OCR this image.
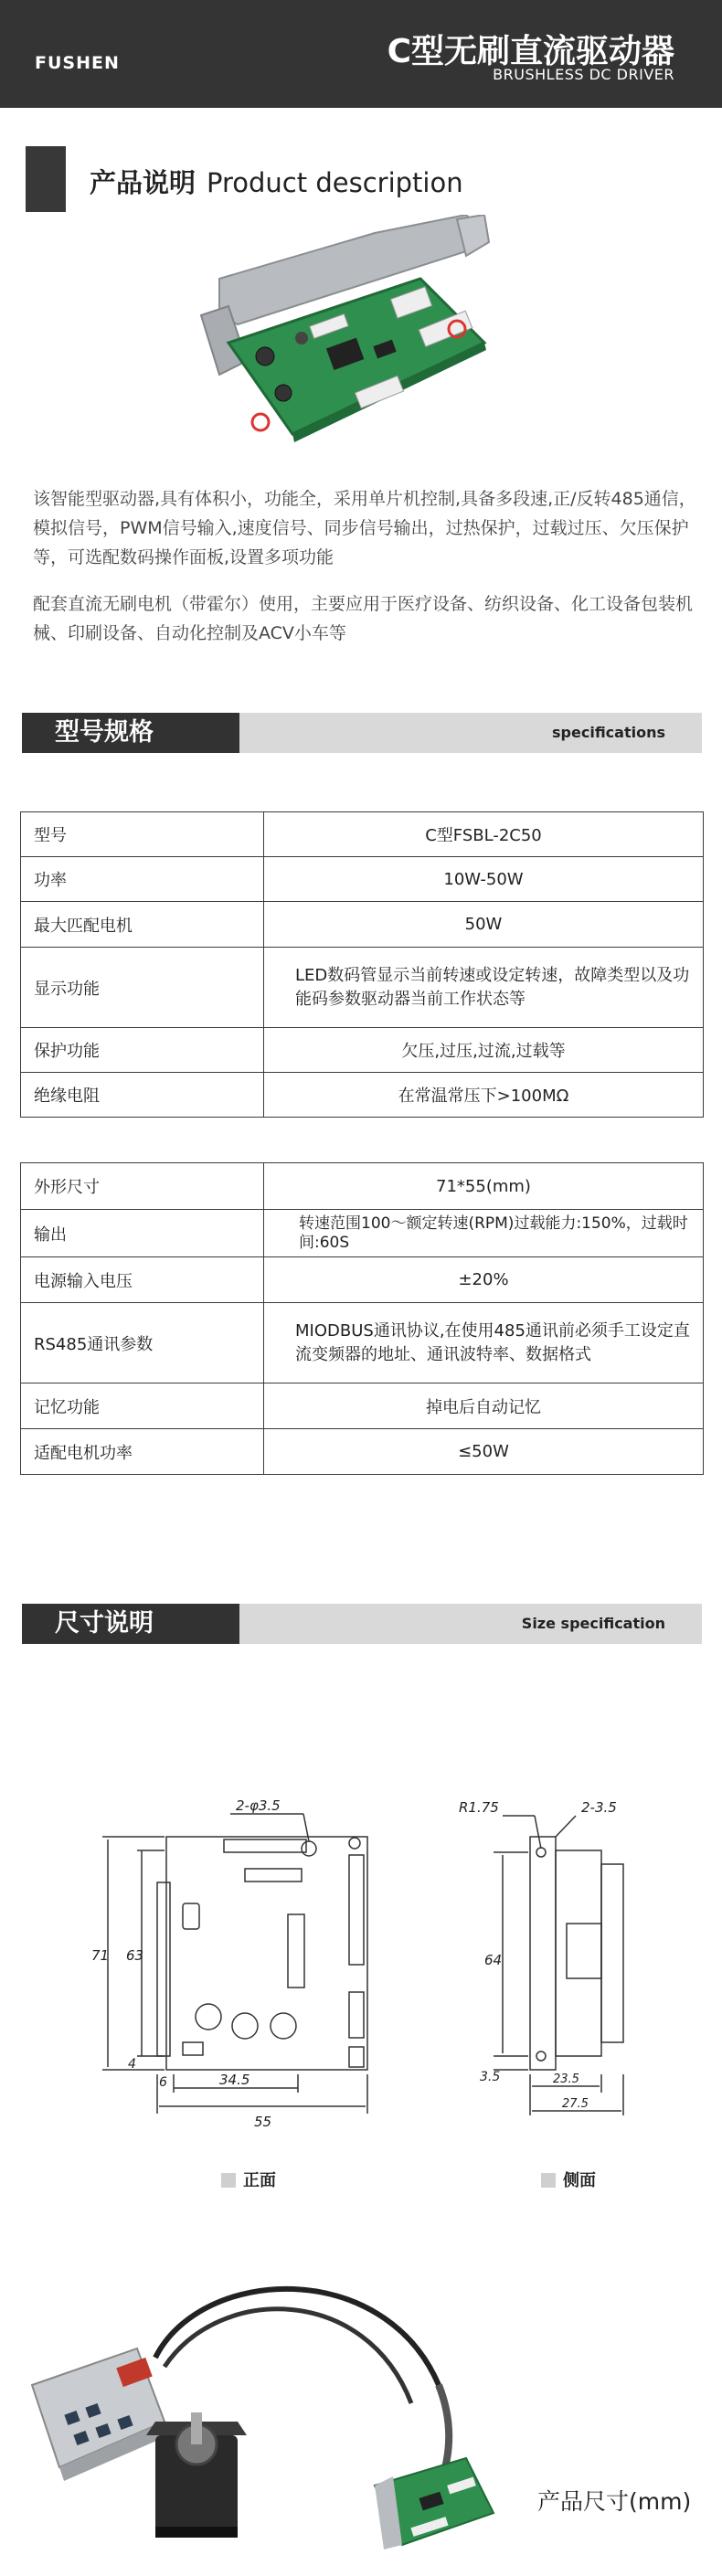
FUSHEN	C型无刷直流驱动器
BRUSHLESS DC DRIVER
产品说明 Product description

该智能型驱动器,具有体积小，功能全，采用单片机控制,具备多段速,正/反转485通信，模拟信号，PWM信号输入,速度信号、同步信号输出，过热保护，过载过压、欠压保护等，可选配数码操作面板,设置多项功能

配套直流无刷电机（带霍尔）使用，主要应用于医疗设备、纺织设备、化工设备包装机械、印刷设备、自动化控制及ACV小车等

型号规格	specifications
型号	C型FSBL-2C50
功率	10W-50W
最大匹配电机	50W
显示功能	LED数码管显示当前转速或设定转速，故障类型以及功能码参数驱动器当前工作状态等
保护功能	欠压,过压,过流,过载等
绝缘电阻	在常温常压下>100MΩ
外形尺寸	71*55(mm)
输出	转速范围100～额定转速(RPM)过载能力:150%，过载时间:60S
电源输入电压	±20%
RS485通讯参数	MIODBUS通讯协议,在使用485通讯前必须手工设定直流变频器的地址、通讯波特率、数据格式
记忆功能	掉电后自动记忆
适配电机功率	≤50W
尺寸说明	Size specification
2-φ3.5
71 63
4
6	34.5
55
R1.75	2-3.5
64
3.5	23.5
27.5
正面	侧面
产品尺寸(mm)
